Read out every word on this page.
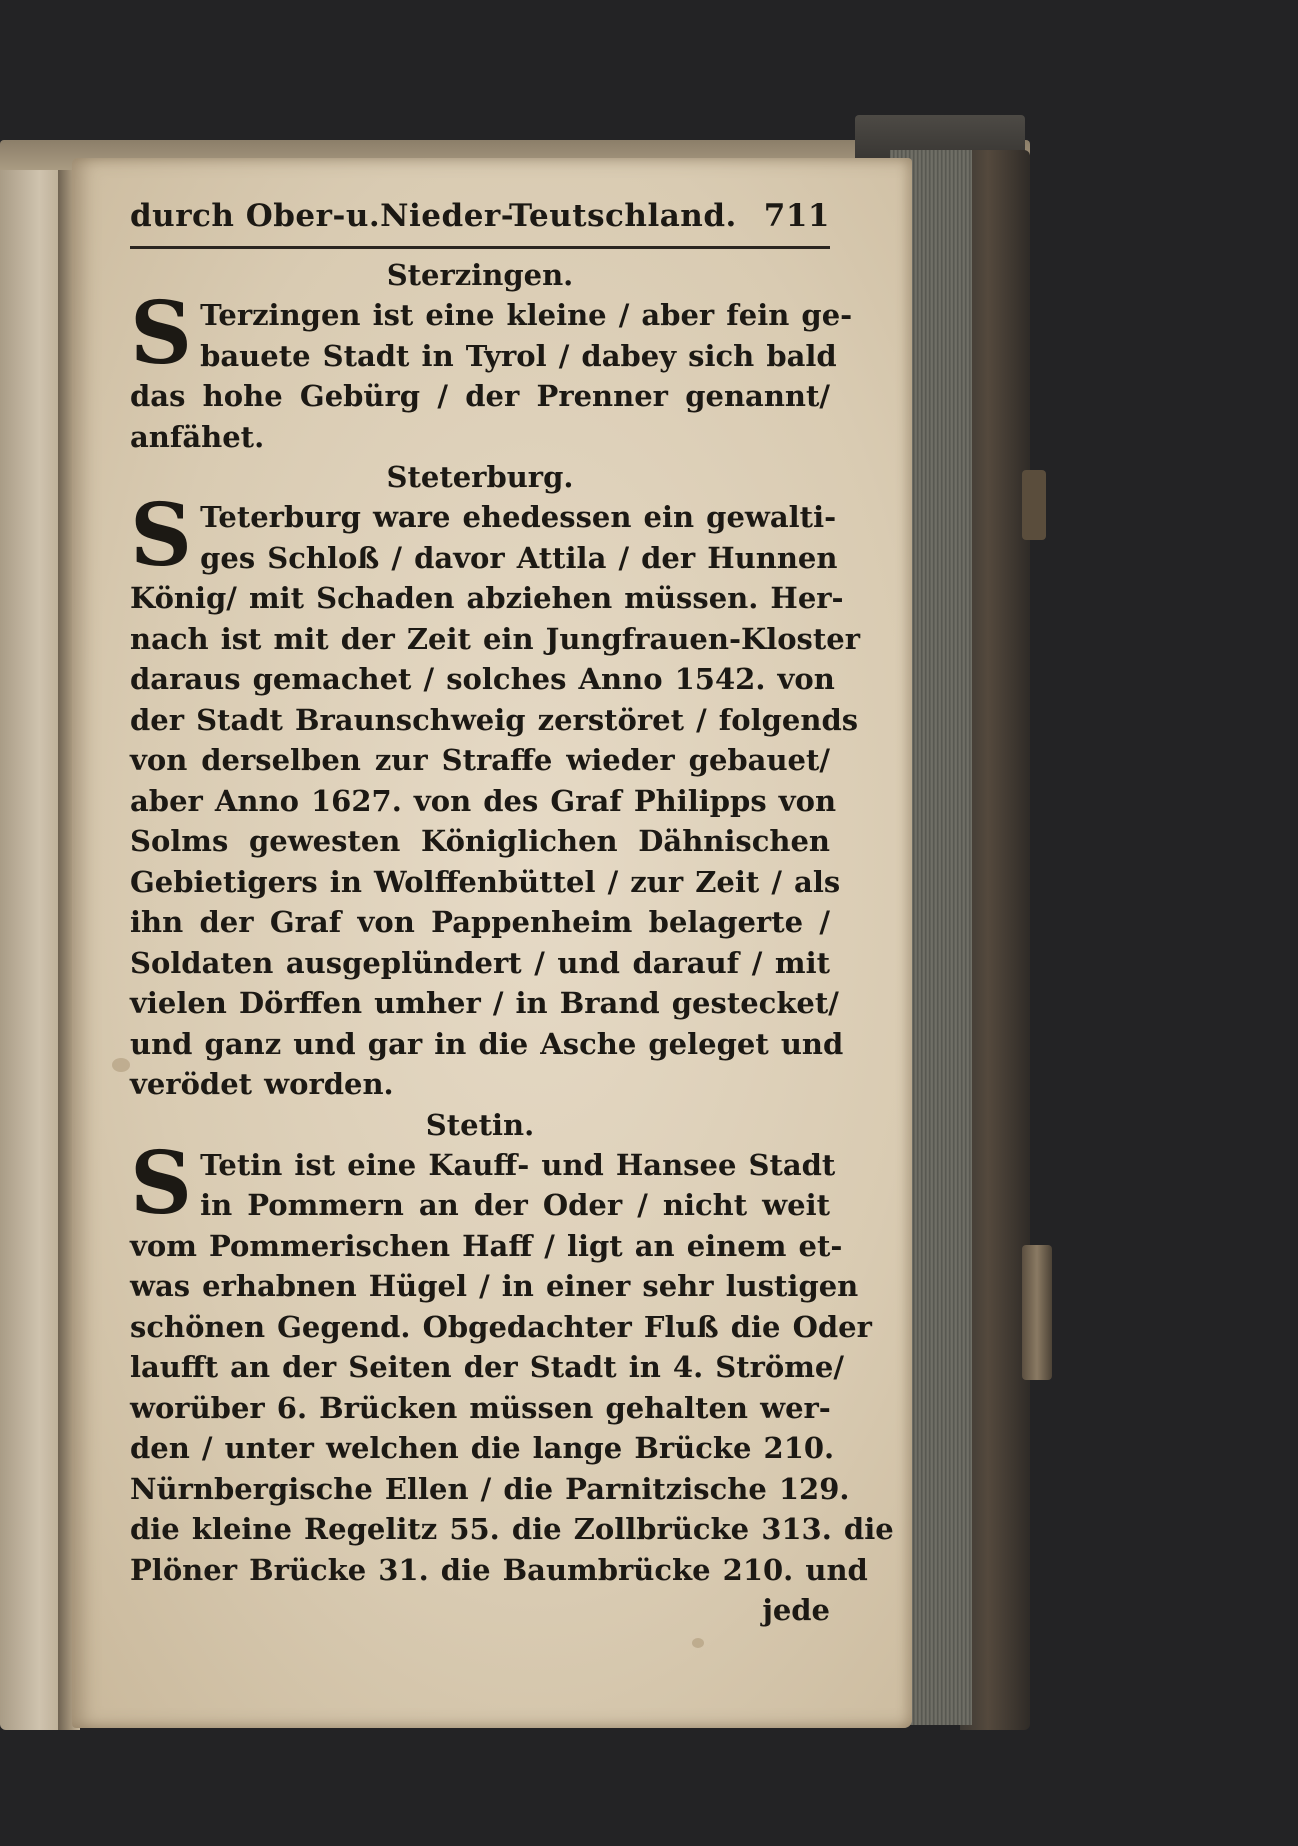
durch Ober-u.Nieder-Teutschland. 711
Sterzingen.
S Terzingen ist eine kleine / aber fein ge-
bauete Stadt in Tyrol / dabey sich bald
das hohe Gebürg / der Prenner genannt/
anfähet.
Steterburg.
S Teterburg ware ehedessen ein gewalti-
ges Schloß / davor Attila / der Hunnen
König/ mit Schaden abziehen müssen. Her-
nach ist mit der Zeit ein Jungfrauen-Kloster
daraus gemachet / solches Anno 1542. von
der Stadt Braunschweig zerstöret / folgends
von derselben zur Straffe wieder gebauet/
aber Anno 1627. von des Graf Philipps von
Solms gewesten Königlichen Dähnischen
Gebietigers in Wolffenbüttel / zur Zeit / als
ihn der Graf von Pappenheim belagerte /
Soldaten ausgeplündert / und darauf / mit
vielen Dörffen umher / in Brand gestecket/
und ganz und gar in die Asche geleget und
verödet worden.
Stetin.
S Tetin ist eine Kauff- und Hansee Stadt
in Pommern an der Oder / nicht weit
vom Pommerischen Haff / ligt an einem et-
was erhabnen Hügel / in einer sehr lustigen
schönen Gegend. Obgedachter Fluß die Oder
laufft an der Seiten der Stadt in 4. Ströme/
worüber 6. Brücken müssen gehalten wer-
den / unter welchen die lange Brücke 210.
Nürnbergische Ellen / die Parnitzische 129.
die kleine Regelitz 55. die Zollbrücke 313. die
Plöner Brücke 31. die Baumbrücke 210. und
jede
